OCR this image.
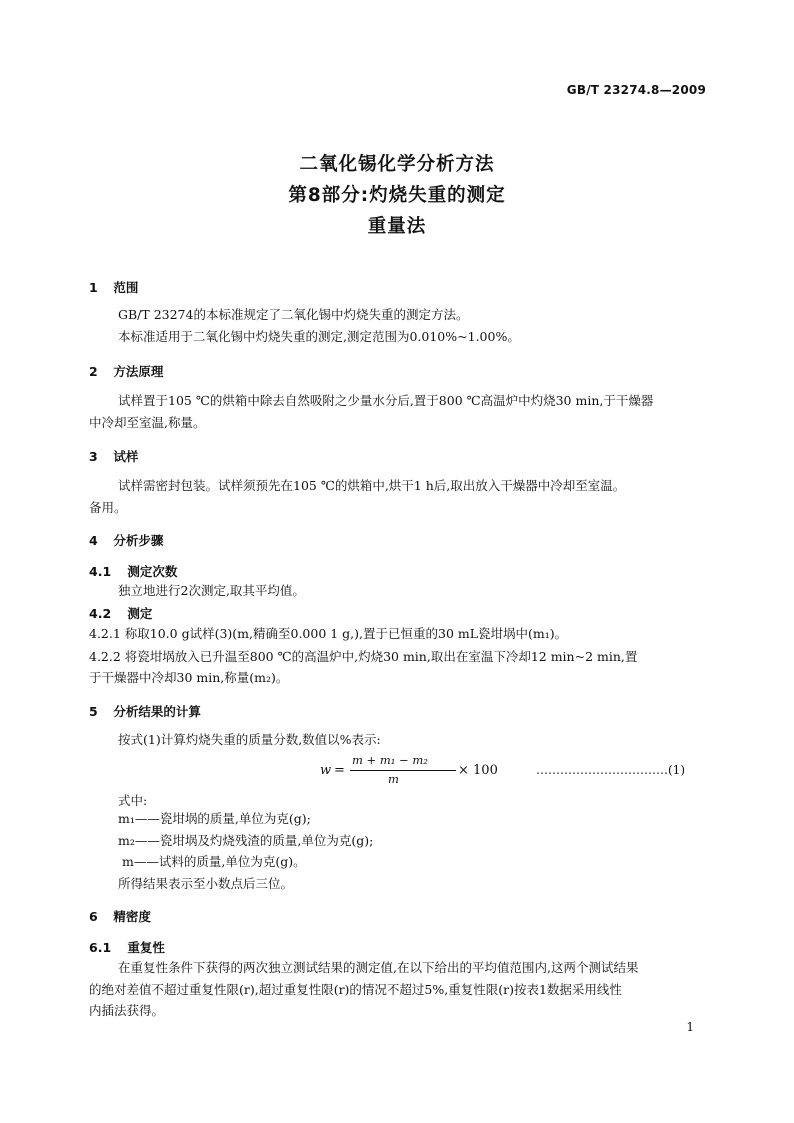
GB/T 23274.8—2009
二氧化锡化学分析方法
第8部分:灼烧失重的测定
重量法
1 范围
GB/T 23274的本标准规定了二氧化锡中灼烧失重的测定方法。
本标准适用于二氧化锡中灼烧失重的测定,测定范围为0.010%~1.00%。
2 方法原理
试样置于105 ℃的烘箱中除去自然吸附之少量水分后,置于800 ℃高温炉中灼烧30 min,于干燥器
中冷却至室温,称量。
3 试样
试样需密封包装。试样须预先在105 ℃的烘箱中,烘干1 h后,取出放入干燥器中冷却至室温。
备用。
4 分析步骤
4.1 测定次数
独立地进行2次测定,取其平均值。
4.2 测定
4.2.1 称取10.0 g试样(3)(m,精确至0.000 1 g,),置于已恒重的30 mL瓷坩埚中(m₁)。
4.2.2 将瓷坩埚放入已升温至800 ℃的高温炉中,灼烧30 min,取出在室温下冷却12 min~2 min,置
于干燥器中冷却30 min,称量(m₂)。
5 分析结果的计算
按式(1)计算灼烧失重的质量分数,数值以%表示:
w =
m + m₁ − m₂
m
× 100	……………………………(1)
式中:
m₁——瓷坩埚的质量,单位为克(g);
m₂——瓷坩埚及灼烧残渣的质量,单位为克(g);
m——试料的质量,单位为克(g)。
所得结果表示至小数点后三位。
6 精密度
6.1 重复性
在重复性条件下获得的两次独立测试结果的测定值,在以下给出的平均值范围内,这两个测试结果
的绝对差值不超过重复性限(r),超过重复性限(r)的情况不超过5%,重复性限(r)按表1数据采用线性
内插法获得。
1
